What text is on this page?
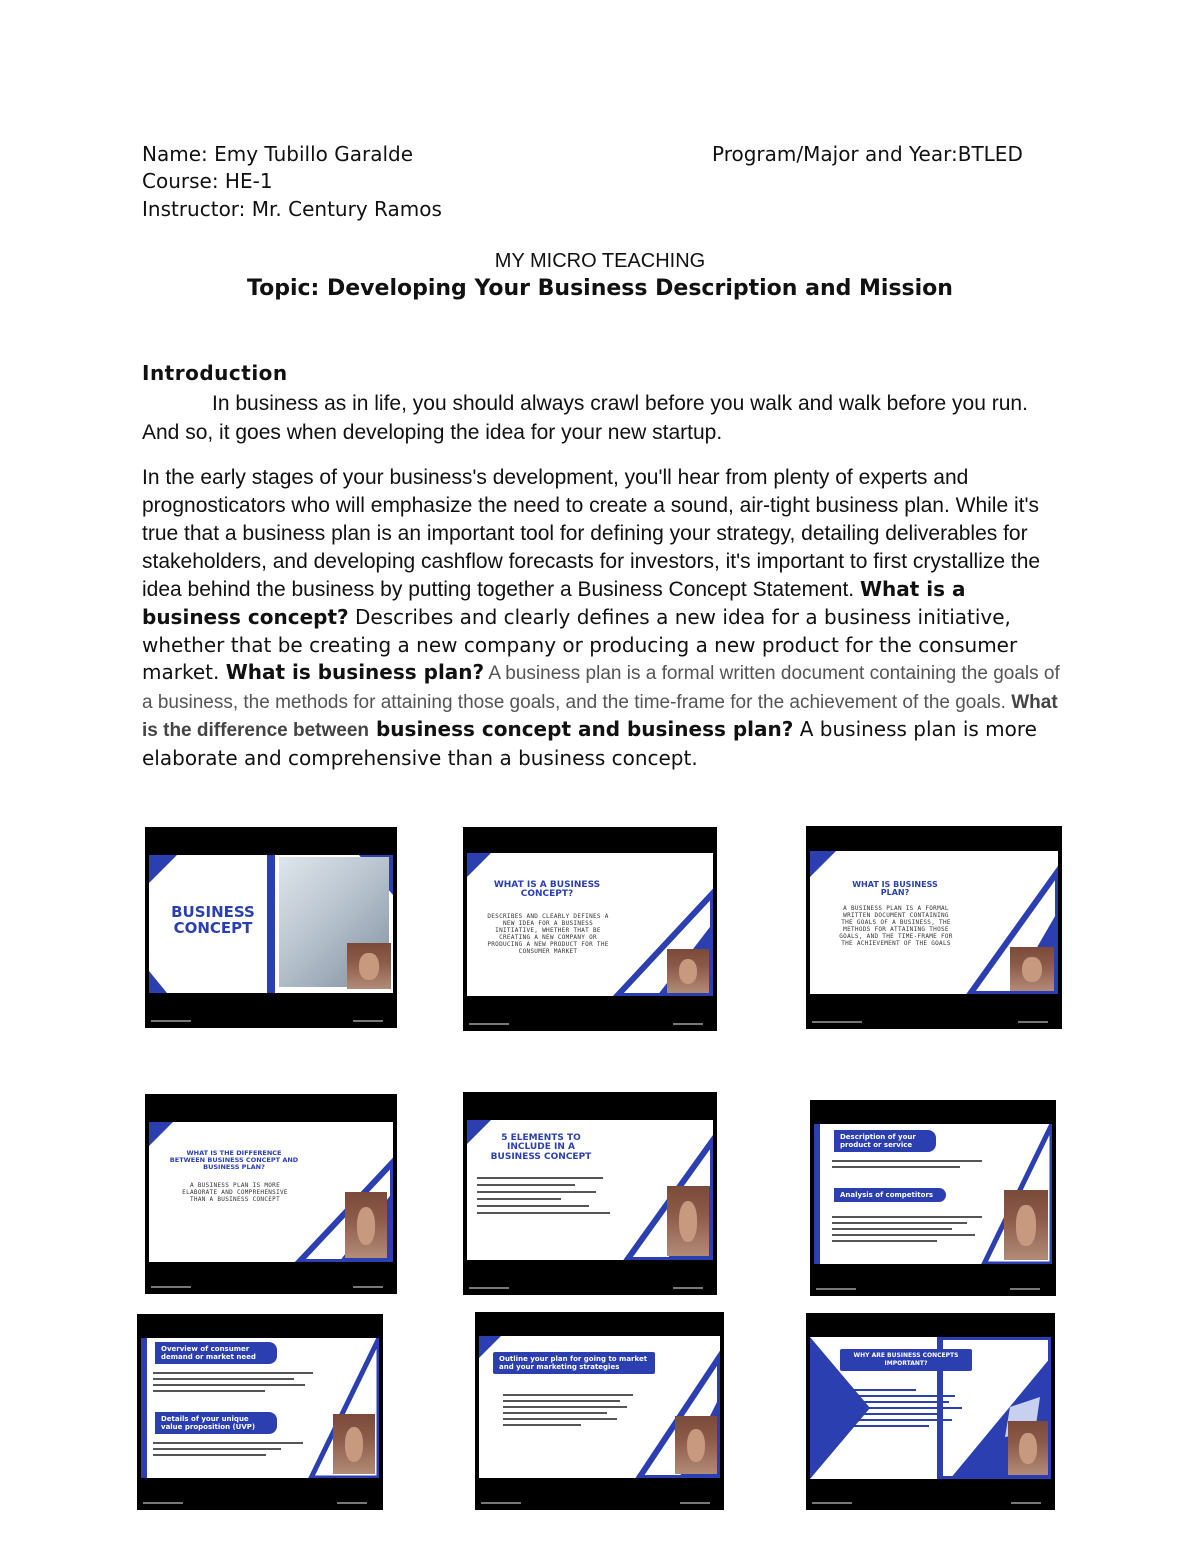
Name: Emy Tubillo Garalde	Program/Major and Year:BTLED
Course: HE-1
Instructor: Mr. Century Ramos
MY MICRO TEACHING
Topic: Developing Your Business Description and Mission
Introduction
In business as in life, you should always crawl before you walk and walk before you run. And so, it goes when developing the idea for your new startup.
In the early stages of your business's development, you'll hear from plenty of experts and prognosticators who will emphasize the need to create a sound, air-tight business plan. While it's true that a business plan is an important tool for defining your strategy, detailing deliverables for stakeholders, and developing cashflow forecasts for investors, it's important to first crystallize the idea behind the business by putting together a Business Concept Statement. What is a business concept? Describes and clearly defines a new idea for a business initiative, whether that be creating a new company or producing a new product for the consumer market. What is business plan? A business plan is a formal written document containing the goals of a business, the methods for attaining those goals, and the time-frame for the achievement of the goals. What is the difference between business concept and business plan? A business plan is more elaborate and comprehensive than a business concept.
BUSINESS CONCEPT
WHAT IS A BUSINESS CONCEPT?
DESCRIBES AND CLEARLY DEFINES A NEW IDEA FOR A BUSINESS INITIATIVE, WHETHER THAT BE CREATING A NEW COMPANY OR PRODUCING A NEW PRODUCT FOR THE CONSUMER MARKET
WHAT IS BUSINESS PLAN?
A BUSINESS PLAN IS A FORMAL WRITTEN DOCUMENT CONTAINING THE GOALS OF A BUSINESS, THE METHODS FOR ATTAINING THOSE GOALS, AND THE TIME-FRAME FOR THE ACHIEVEMENT OF THE GOALS
WHAT IS THE DIFFERENCE BETWEEN BUSINESS CONCEPT AND BUSINESS PLAN?
A BUSINESS PLAN IS MORE ELABORATE AND COMPREHENSIVE THAN A BUSINESS CONCEPT
5 ELEMENTS TO INCLUDE IN A BUSINESS CONCEPT
Description of your product or service
Analysis of competitors
Overview of consumer demand or market need
Details of your unique value proposition (UVP)
Outline your plan for going to market and your marketing strategies
WHY ARE BUSINESS CONCEPTS IMPORTANT?
